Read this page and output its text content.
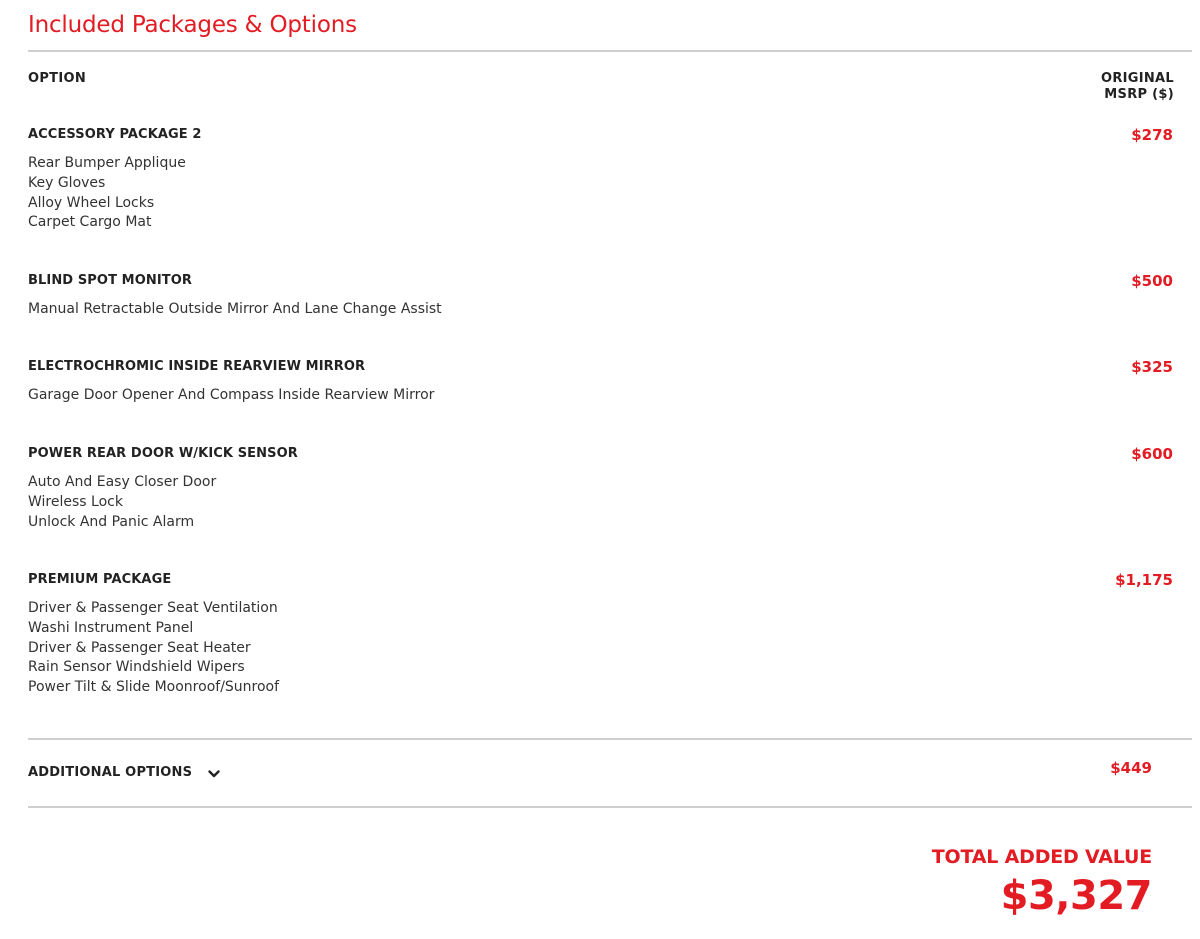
Included Packages & Options
OPTION	ORIGINAL
MSRP ($)
ACCESSORY PACKAGE 2	$278
Rear Bumper Applique
Key Gloves
Alloy Wheel Locks
Carpet Cargo Mat
BLIND SPOT MONITOR	$500
Manual Retractable Outside Mirror And Lane Change Assist
ELECTROCHROMIC INSIDE REARVIEW MIRROR	$325
Garage Door Opener And Compass Inside Rearview Mirror
POWER REAR DOOR W/KICK SENSOR	$600
Auto And Easy Closer Door
Wireless Lock
Unlock And Panic Alarm
PREMIUM PACKAGE	$1,175
Driver & Passenger Seat Ventilation
Washi Instrument Panel
Driver & Passenger Seat Heater
Rain Sensor Windshield Wipers
Power Tilt & Slide Moonroof/Sunroof
ADDITIONAL OPTIONS	$449
TOTAL ADDED VALUE
$3,327
